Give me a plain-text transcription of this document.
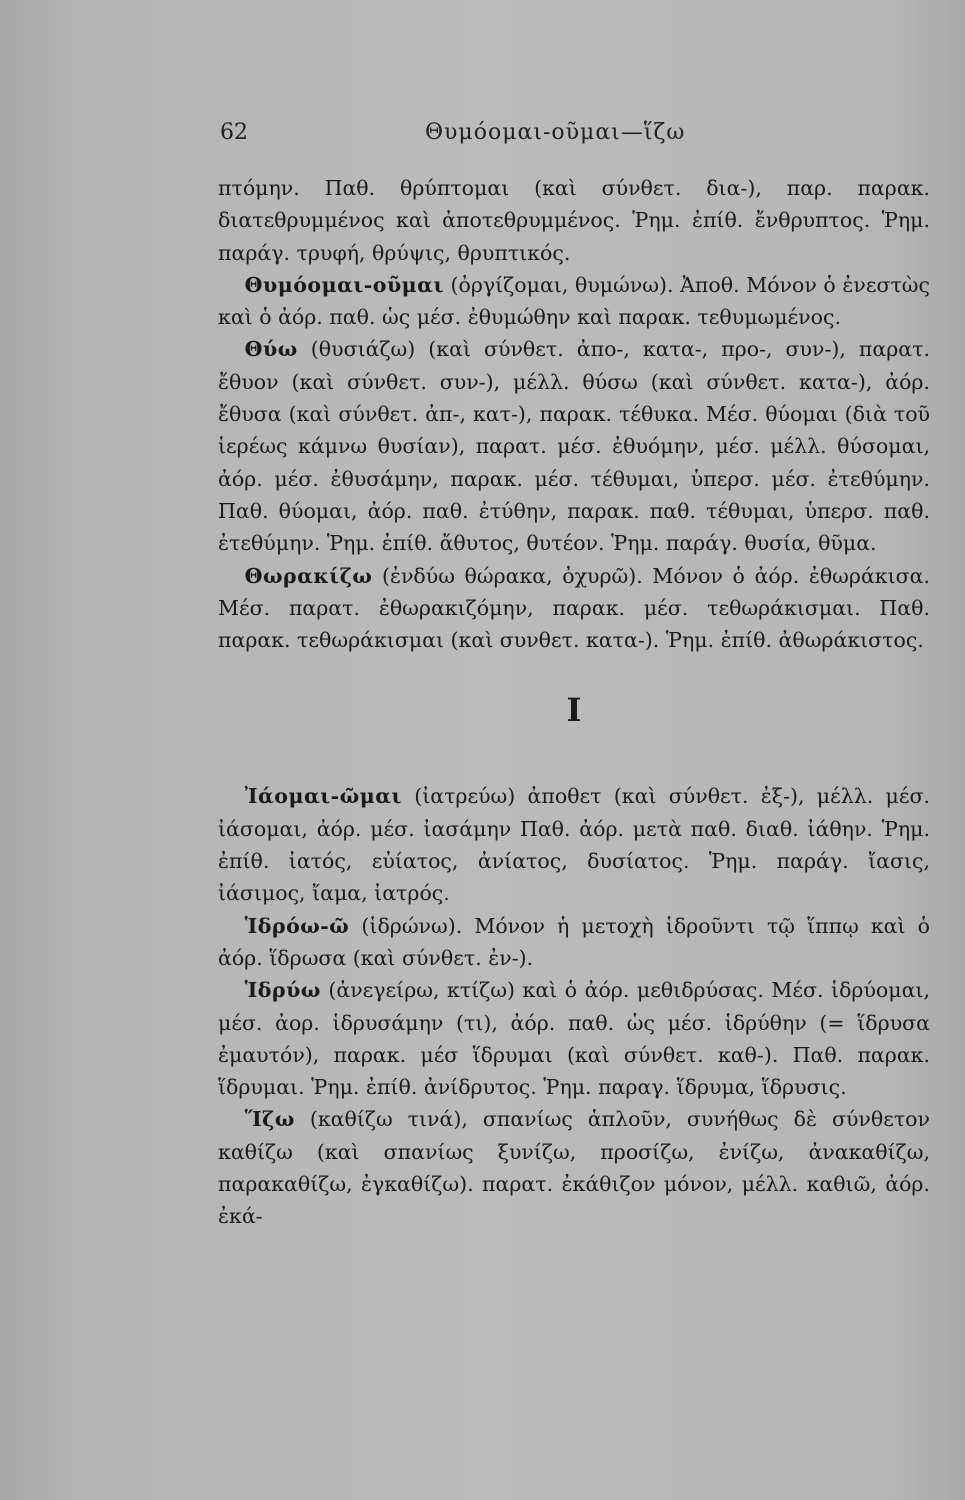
62	Θυμόομαι-οῦμαι—ἵζω

πτόμην. Παθ. θρύπτομαι (καὶ σύνθετ. δια-), παρ. παρακ. διατεθρυμμένος καὶ ἀποτεθρυμμένος. Ῥημ. ἐπίθ. ἔνθρυπτος. Ῥημ. παράγ. τρυφή, θρύψις, θρυπτικός.

Θυμόομαι-οῦμαι (ὀργίζομαι, θυμώνω). Ἀποθ. Μόνον ὁ ἐνεστὼς καὶ ὁ ἀόρ. παθ. ὡς μέσ. ἐθυμώθην καὶ παρακ. τεθυμωμένος.

Θύω (θυσιάζω) (καὶ σύνθετ. ἀπο-, κατα-, προ-, συν-), παρατ. ἔθυον (καὶ σύνθετ. συν-), μέλλ. θύσω (καὶ σύνθετ. κατα-), ἀόρ. ἔθυσα (καὶ σύνθετ. ἀπ-, κατ-), παρακ. τέθυκα. Μέσ. θύομαι (διὰ τοῦ ἱερέως κάμνω θυσίαν), παρατ. μέσ. ἐθυόμην, μέσ. μέλλ. θύσομαι, ἀόρ. μέσ. ἐθυσάμην, παρακ. μέσ. τέθυμαι, ὑπερσ. μέσ. ἐτεθύμην. Παθ. θύομαι, ἀόρ. παθ. ἐτύθην, παρακ. παθ. τέθυμαι, ὑπερσ. παθ. ἐτεθύμην. Ῥημ. ἐπίθ. ἄθυτος, θυτέον. Ῥημ. παράγ. θυσία, θῦμα.

Θωρακίζω (ἐνδύω θώρακα, ὀχυρῶ). Μόνον ὁ ἀόρ. ἐθωράκισα. Μέσ. παρατ. ἐθωρακιζόμην, παρακ. μέσ. τεθωράκισμαι. Παθ. παρακ. τεθωράκισμαι (καὶ συνθετ. κατα-). Ῥημ. ἐπίθ. ἀθωράκιστος.

Ι

Ἰάομαι-ῶμαι (ἰατρεύω) ἀποθετ (καὶ σύνθετ. ἐξ-), μέλλ. μέσ. ἰάσομαι, ἀόρ. μέσ. ἰασάμην Παθ. ἀόρ. μετὰ παθ. διαθ. ἰάθην. Ῥημ. ἐπίθ. ἰατός, εὐίατος, ἀνίατος, δυσίατος. Ῥημ. παράγ. ἴασις, ἰάσιμος, ἴαμα, ἰατρός.

Ἱδρόω-ῶ (ἱδρώνω). Μόνον ἡ μετοχὴ ἱδροῦντι τῷ ἵππῳ καὶ ὁ ἀόρ. ἵδρωσα (καὶ σύνθετ. ἐν-).

Ἱδρύω (ἀνεγείρω, κτίζω) καὶ ὁ ἀόρ. μεθιδρύσας. Μέσ. ἱδρύομαι, μέσ. ἀορ. ἱδρυσάμην (τι), ἀόρ. παθ. ὡς μέσ. ἱδρύθην (= ἵδρυσα ἐμαυτόν), παρακ. μέσ ἵδρυμαι (καὶ σύνθετ. καθ-). Παθ. παρακ. ἵδρυμαι. Ῥημ. ἐπίθ. ἀνίδρυτος. Ῥημ. παραγ. ἵδρυμα, ἵδρυσις.

Ἵζω (καθίζω τινά), σπανίως ἁπλοῦν, συνήθως δὲ σύνθετον καθίζω (καὶ σπανίως ξυνίζω, προσίζω, ἐνίζω, ἀνακαθίζω, παρακαθίζω, ἐγκαθίζω). παρατ. ἐκάθιζον μόνον, μέλλ. καθιῶ, ἀόρ. ἐκά-
